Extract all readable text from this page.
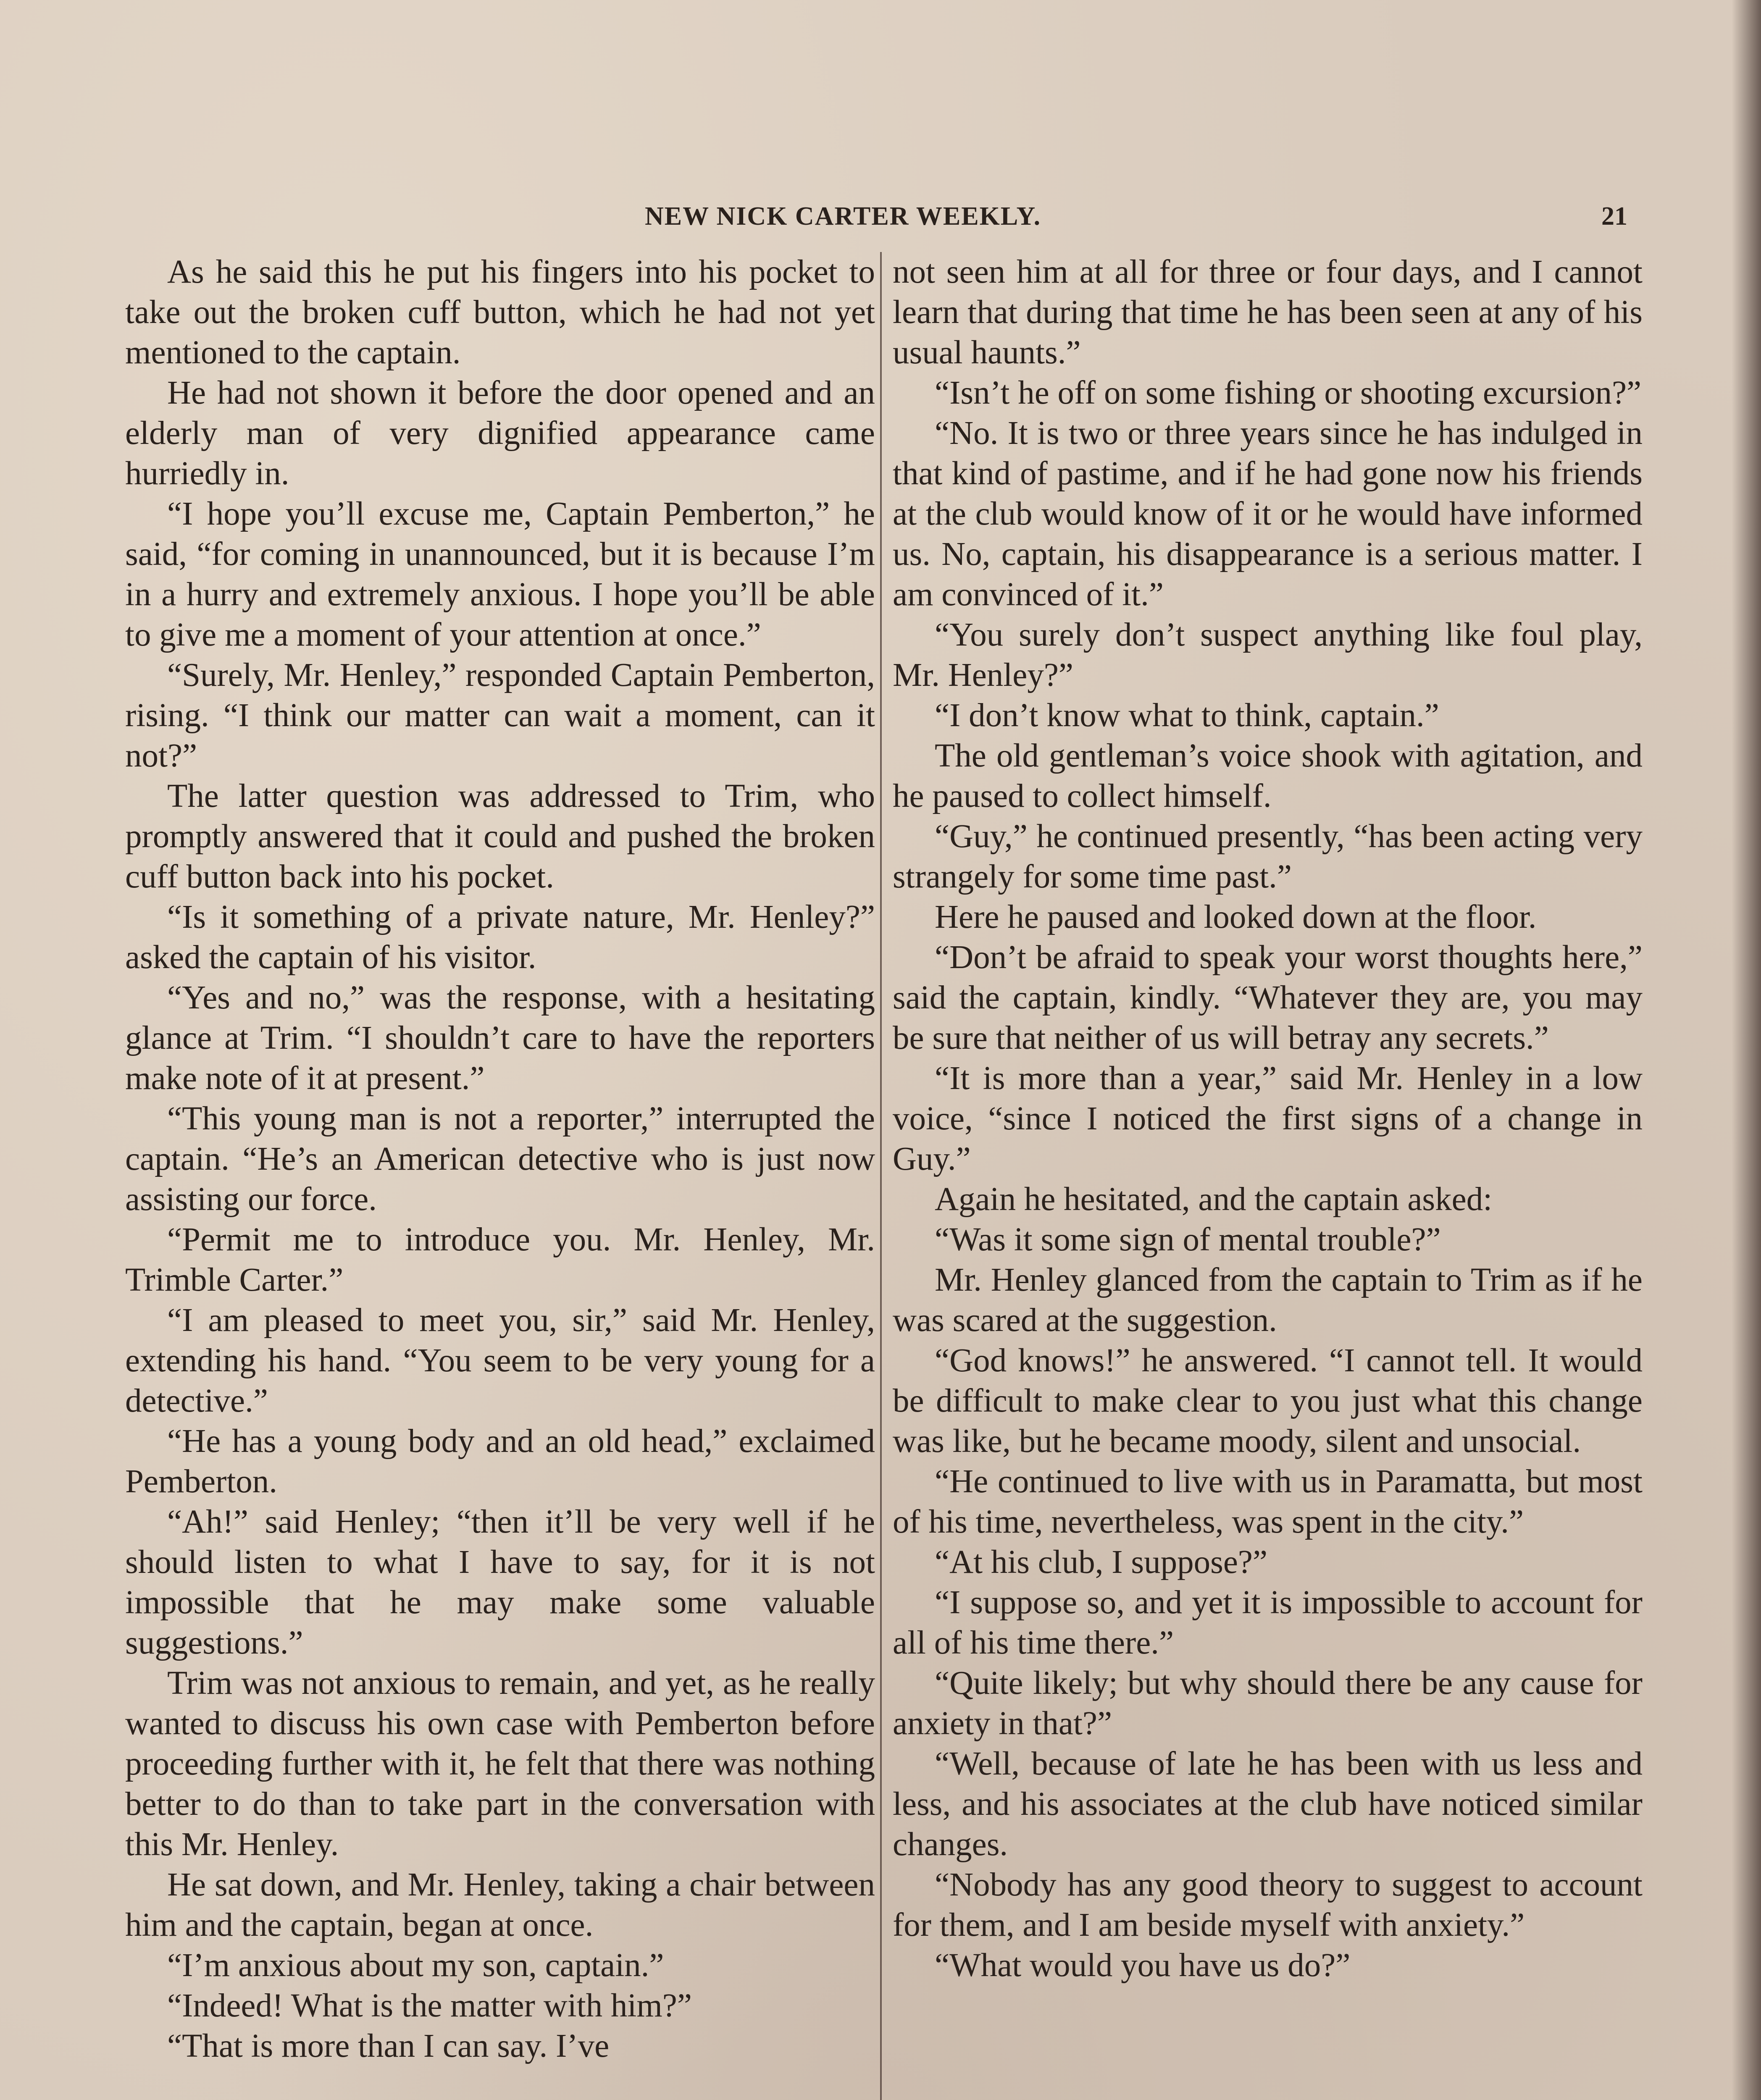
NEW NICK CARTER WEEKLY.	21

As he said this he put his fingers into his pocket to take out the broken cuff button, which he had not yet mentioned to the captain.

He had not shown it before the door opened and an elderly man of very dignified appearance came hurriedly in.

“I hope you’ll excuse me, Captain Pemberton,” he said, “for coming in unannounced, but it is because I’m in a hurry and extremely anxious. I hope you’ll be able to give me a moment of your attention at once.”

“Surely, Mr. Henley,” responded Captain Pemberton, rising. “I think our matter can wait a moment, can it not?”

The latter question was addressed to Trim, who promptly answered that it could and pushed the broken cuff button back into his pocket.

“Is it something of a private nature, Mr. Henley?” asked the captain of his visitor.

“Yes and no,” was the response, with a hesitating glance at Trim. “I shouldn’t care to have the reporters make note of it at present.”

“This young man is not a reporter,” interrupted the captain. “He’s an American detective who is just now assisting our force.

“Permit me to introduce you. Mr. Henley, Mr. Trimble Carter.”

“I am pleased to meet you, sir,” said Mr. Henley, extending his hand. “You seem to be very young for a detective.”

“He has a young body and an old head,” exclaimed Pemberton.

“Ah!” said Henley; “then it’ll be very well if he should listen to what I have to say, for it is not impossible that he may make some valuable suggestions.”

Trim was not anxious to remain, and yet, as he really wanted to discuss his own case with Pemberton before proceeding further with it, he felt that there was nothing better to do than to take part in the conversation with this Mr. Henley.

He sat down, and Mr. Henley, taking a chair between him and the captain, began at once.

“I’m anxious about my son, captain.”

“Indeed! What is the matter with him?”

“That is more than I can say. I’ve

not seen him at all for three or four days, and I cannot learn that during that time he has been seen at any of his usual haunts.”

“Isn’t he off on some fishing or shooting excursion?”

“No. It is two or three years since he has indulged in that kind of pastime, and if he had gone now his friends at the club would know of it or he would have informed us. No, captain, his disappearance is a serious matter. I am convinced of it.”

“You surely don’t suspect anything like foul play, Mr. Henley?”

“I don’t know what to think, captain.”

The old gentleman’s voice shook with agitation, and he paused to collect himself.

“Guy,” he continued presently, “has been acting very strangely for some time past.”

Here he paused and looked down at the floor.

“Don’t be afraid to speak your worst thoughts here,” said the captain, kindly. “Whatever they are, you may be sure that neither of us will betray any secrets.”

“It is more than a year,” said Mr. Henley in a low voice, “since I noticed the first signs of a change in Guy.”

Again he hesitated, and the captain asked:

“Was it some sign of mental trouble?”

Mr. Henley glanced from the captain to Trim as if he was scared at the suggestion.

“God knows!” he answered. “I cannot tell. It would be difficult to make clear to you just what this change was like, but he became moody, silent and unsocial.

“He continued to live with us in Paramatta, but most of his time, nevertheless, was spent in the city.”

“At his club, I suppose?”

“I suppose so, and yet it is impossible to account for all of his time there.”

“Quite likely; but why should there be any cause for anxiety in that?”

“Well, because of late he has been with us less and less, and his associates at the club have noticed similar changes.

“Nobody has any good theory to suggest to account for them, and I am beside myself with anxiety.”

“What would you have us do?”
